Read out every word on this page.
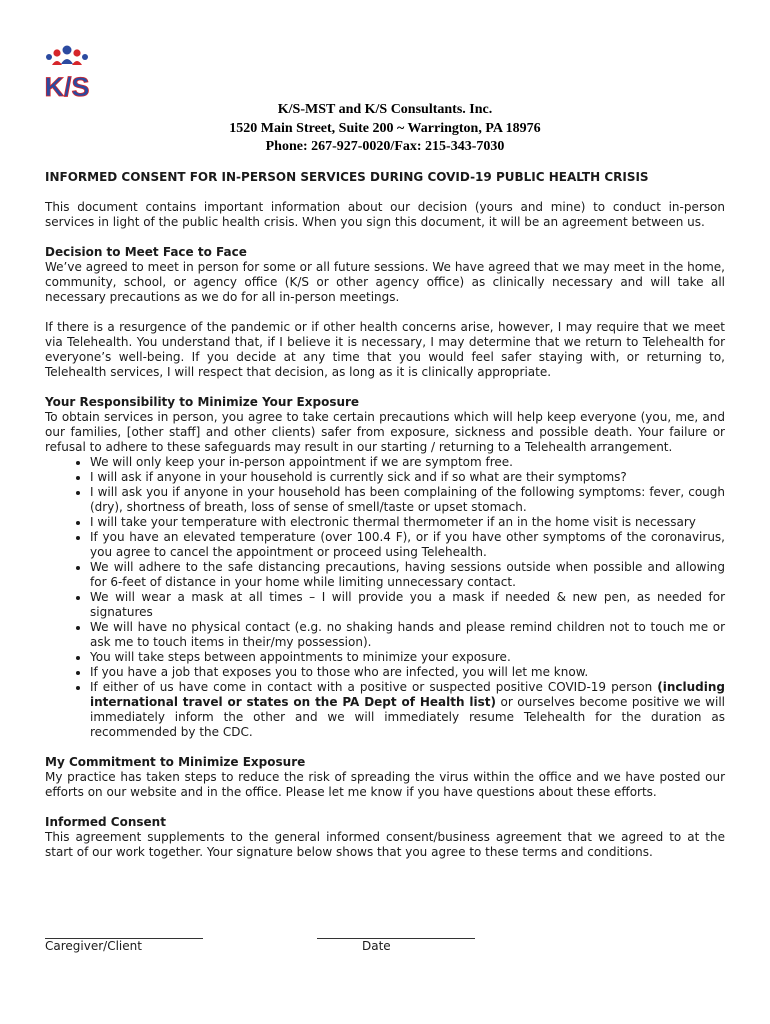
K/S
K/S-MST and K/S Consultants. Inc.
1520 Main Street, Suite 200 ~ Warrington, PA 18976
Phone: 267-927-0020/Fax: 215-343-7030
INFORMED CONSENT FOR IN-PERSON SERVICES DURING COVID-19 PUBLIC HEALTH CRISIS

This document contains important information about our decision (yours and mine) to conduct in-person services in light of the public health crisis. When you sign this document, it will be an agreement between us.

Decision to Meet Face to Face

We’ve agreed to meet in person for some or all future sessions. We have agreed that we may meet in the home, community, school, or agency office (K/S or other agency office) as clinically necessary and will take all necessary precautions as we do for all in-person meetings.

If there is a resurgence of the pandemic or if other health concerns arise, however, I may require that we meet via Telehealth. You understand that, if I believe it is necessary, I may determine that we return to Telehealth for everyone’s well-being. If you decide at any time that you would feel safer staying with, or returning to, Telehealth services, I will respect that decision, as long as it is clinically appropriate.

Your Responsibility to Minimize Your Exposure

To obtain services in person, you agree to take certain precautions which will help keep everyone (you, me, and our families, [other staff] and other clients) safer from exposure, sickness and possible death. Your failure or refusal to adhere to these safeguards may result in our starting / returning to a Telehealth arrangement.

• We will only keep your in-person appointment if we are symptom free.
• I will ask if anyone in your household is currently sick and if so what are their symptoms?
• I will ask you if anyone in your household has been complaining of the following symptoms: fever, cough (dry), shortness of breath, loss of sense of smell/taste or upset stomach.
• I will take your temperature with electronic thermal thermometer if an in the home visit is necessary
• If you have an elevated temperature (over 100.4 F), or if you have other symptoms of the coronavirus, you agree to cancel the appointment or proceed using Telehealth.
• We will adhere to the safe distancing precautions, having sessions outside when possible and allowing for 6-feet of distance in your home while limiting unnecessary contact.
• We will wear a mask at all times – I will provide you a mask if needed & new pen, as needed for signatures
• We will have no physical contact (e.g. no shaking hands and please remind children not to touch me or ask me to touch items in their/my possession).
• You will take steps between appointments to minimize your exposure.
• If you have a job that exposes you to those who are infected, you will let me know.
• If either of us have come in contact with a positive or suspected positive COVID-19 person (including international travel or states on the PA Dept of Health list) or ourselves become positive we will immediately inform the other and we will immediately resume Telehealth for the duration as recommended by the CDC.
My Commitment to Minimize Exposure

My practice has taken steps to reduce the risk of spreading the virus within the office and we have posted our efforts on our website and in the office. Please let me know if you have questions about these efforts.

Informed Consent

This agreement supplements to the general informed consent/business agreement that we agreed to at the start of our work together. Your signature below shows that you agree to these terms and conditions.

Caregiver/Client	Date
